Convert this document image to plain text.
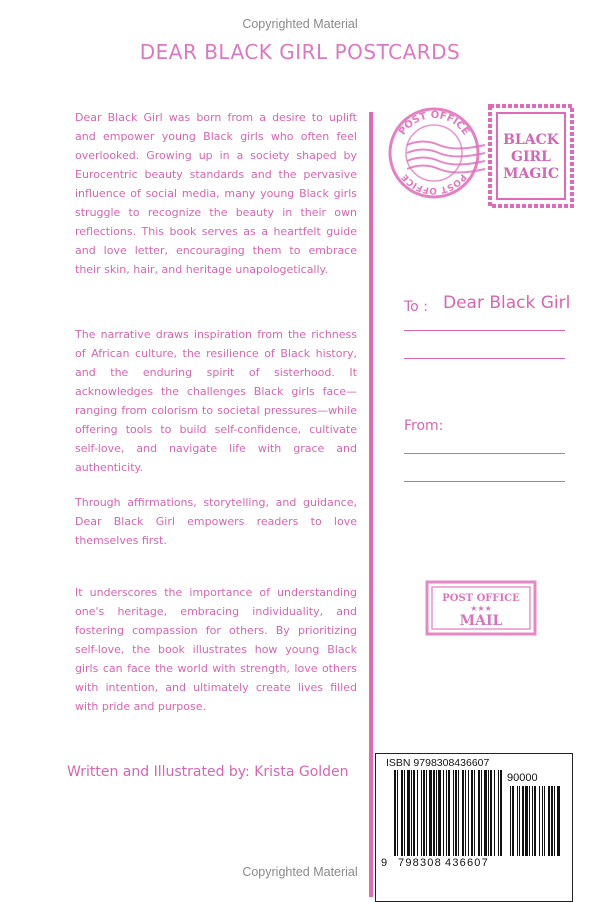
Copyrighted Material
DEAR BLACK GIRL POSTCARDS

Dear Black Girl was born from a desire to uplift and empower young Black girls who often feel overlooked. Growing up in a society shaped by Eurocentric beauty standards and the pervasive influence of social media, many young Black girls struggle to recognize the beauty in their own reflections. This book serves as a heartfelt guide and love letter, encouraging them to embrace their skin, hair, and heritage unapologetically.

The narrative draws inspiration from the richness of African culture, the resilience of Black history, and the enduring spirit of sisterhood. It acknowledges the challenges Black girls face—ranging from colorism to societal pressures—while offering tools to build self-confidence, cultivate self-love, and navigate life with grace and authenticity.

Through affirmations, storytelling, and guidance, Dear Black Girl empowers readers to love themselves first.

It underscores the importance of understanding one's heritage, embracing individuality, and fostering compassion for others. By prioritizing self-love, the book illustrates how young Black girls can face the world with strength, love others with intention, and ultimately create lives filled with pride and purpose.

Written and Illustrated by: Krista Golden
POST OFFICE
POST OFFICE
BLACK
GIRL
MAGIC
To : Dear Black Girl
From:
POST OFFICE
★★★
MAIL
ISBN 9798308436607
90000
9 798308 436607
Copyrighted Material
